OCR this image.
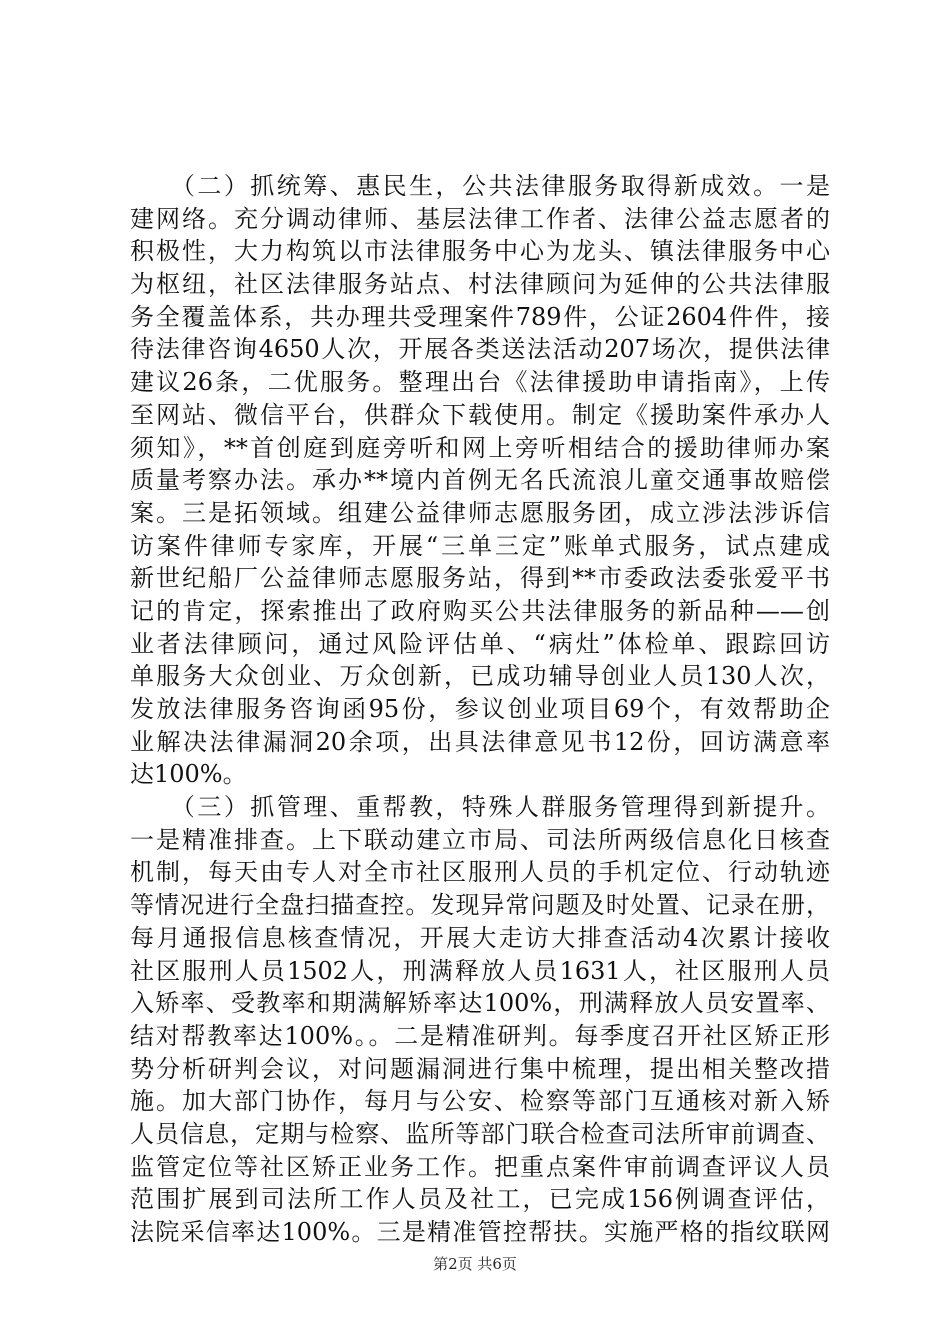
　　（二）抓统筹、惠民生，公共法律服务取得新成效。一是
建网络。充分调动律师、基层法律工作者、法律公益志愿者的
积极性，大力构筑以市法律服务中心为龙头、镇法律服务中心
为枢纽，社区法律服务站点、村法律顾问为延伸的公共法律服
务全覆盖体系，共办理共受理案件789件，公证2604件件，接
待法律咨询4650人次，开展各类送法活动207场次，提供法律
建议26条，二优服务。整理出台《法律援助申请指南》，上传
至网站、微信平台，供群众下载使用。制定《援助案件承办人
须知》，**首创庭到庭旁听和网上旁听相结合的援助律师办案
质量考察办法。承办**境内首例无名氏流浪儿童交通事故赔偿
案。三是拓领域。组建公益律师志愿服务团，成立涉法涉诉信
访案件律师专家库，开展“三单三定”账单式服务，试点建成
新世纪船厂公益律师志愿服务站，得到**市委政法委张爱平书
记的肯定，探索推出了政府购买公共法律服务的新品种——创
业者法律顾问，通过风险评估单、“病灶”体检单、跟踪回访
单服务大众创业、万众创新，已成功辅导创业人员130人次，
发放法律服务咨询函95份，参议创业项目69个，有效帮助企
业解决法律漏洞20余项，出具法律意见书12份，回访满意率
达100%。
　　（三）抓管理、重帮教，特殊人群服务管理得到新提升。
一是精准排查。上下联动建立市局、司法所两级信息化日核查
机制，每天由专人对全市社区服刑人员的手机定位、行动轨迹
等情况进行全盘扫描查控。发现异常问题及时处置、记录在册，
每月通报信息核查情况，开展大走访大排查活动4次累计接收
社区服刑人员1502人，刑满释放人员1631人，社区服刑人员
入矫率、受教率和期满解矫率达100%，刑满释放人员安置率、
结对帮教率达100%。。二是精准研判。每季度召开社区矫正形
势分析研判会议，对问题漏洞进行集中梳理，提出相关整改措
施。加大部门协作，每月与公安、检察等部门互通核对新入矫
人员信息，定期与检察、监所等部门联合检查司法所审前调查、
监管定位等社区矫正业务工作。把重点案件审前调查评议人员
范围扩展到司法所工作人员及社工，已完成156例调查评估，
法院采信率达100%。三是精准管控帮扶。实施严格的指纹联网
第2页 共6页
